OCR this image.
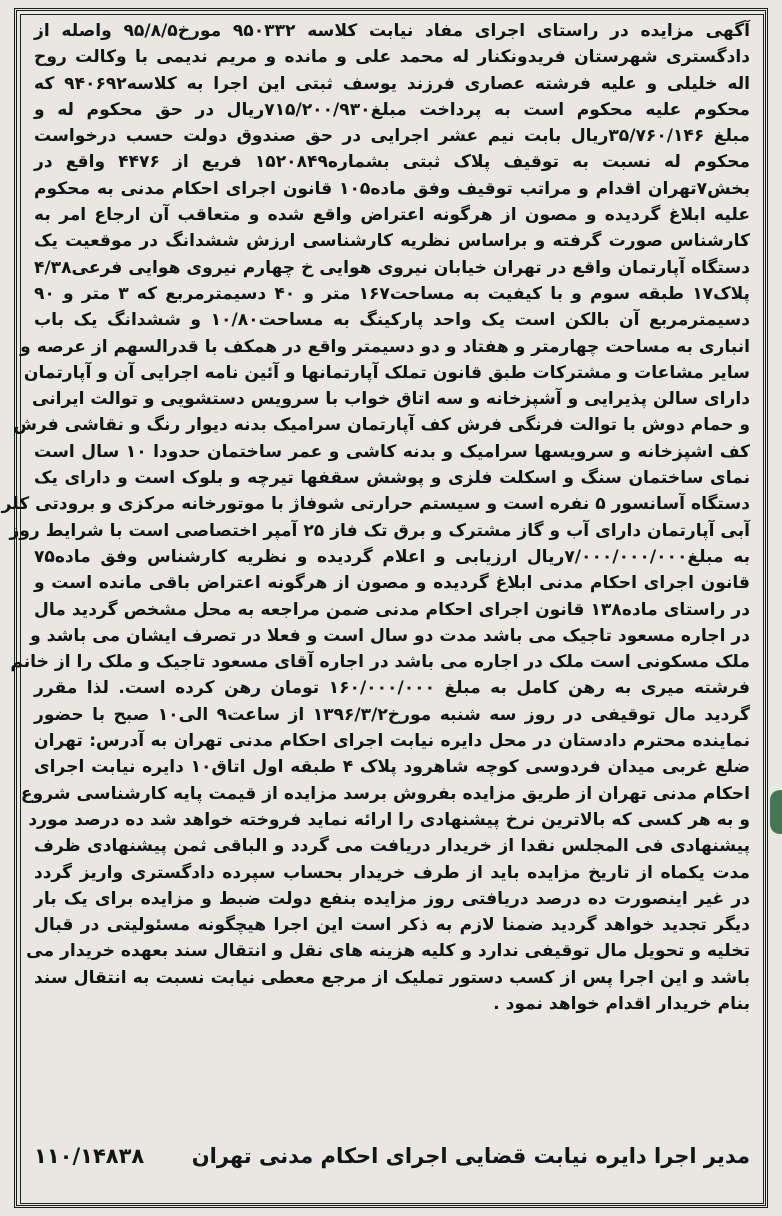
آگهی مزایده در راستای اجرای مفاد نیابت کلاسه ۹۵۰۳۳۲ مورخ۹۵/۸/۵ واصله از
دادگستری شهرستان فریدونکنار له محمد علی و مانده و مریم ندیمی با وکالت روح
اله خلیلی و علیه فرشته عصاری فرزند یوسف ثبتی این اجرا به کلاسه۹۴۰۶۹۲ که
محکوم علیه محکوم است به پرداخت مبلغ۷۱۵/۲۰۰/۹۳۰ریال در حق محکوم له و
مبلغ ۳۵/۷۶۰/۱۴۶ریال بابت نیم عشر اجرایی در حق صندوق دولت حسب درخواست
محکوم له نسبت به توقیف پلاک ثبتی بشماره۱۵۲۰۸۴۹ فریع از ۴۴۷۶ واقع در
بخش۷تهران اقدام و مراتب توقیف وفق ماده۱۰۵ قانون اجرای احکام مدنی به محکوم
علیه ابلاغ گردیده و مصون از هرگونه اعتراض واقع شده و متعاقب آن ارجاع امر به
کارشناس صورت گرفته و براساس نظریه کارشناسی ارزش ششدانگ در موقعیت یک
دستگاه آپارتمان واقع در تهران خیابان نیروی هوایی خ چهارم نیروی هوایی فرعی۴/۳۸
پلاک۱۷ طبقه سوم و با کیفیت به مساحت۱۶۷ متر و ۴۰ دسیمترمربع که ۳ متر و ۹۰
دسیمترمربع آن بالکن است یک واحد پارکینگ به مساحت۱۰/۸۰ و ششدانگ یک باب
انباری به مساحت چهارمتر و هفتاد و دو دسیمتر واقع در همکف با قدرالسهم از عرصه و
سایر مشاعات و مشترکات طبق قانون تملک آپارتمانها و آئین نامه اجرایی آن و آپارتمان
دارای سالن پذیرایی و آشپزخانه و سه اتاق خواب با سرویس دستشویی و توالت ایرانی
و حمام دوش با توالت فرنگی فرش کف آپارتمان سرامیک بدنه دیوار رنگ و نقاشی فرش
کف اشپزخانه و سرویسها سرامیک و بدنه کاشی و عمر ساختمان حدودا ۱۰ سال است
نمای ساختمان سنگ و اسکلت فلزی و پوشش سقفها تیرچه و بلوک است و دارای یک
دستگاه آسانسور ۵ نفره است و سیستم حرارتی شوفاژ با موتورخانه مرکزی و برودتی کلر
آبی آپارتمان دارای آب و گاز مشترک و برق تک فاز ۲۵ آمپر اختصاصی است با شرایط روز
به مبلغ۷/۰۰۰/۰۰۰/۰۰۰ریال ارزیابی و اعلام گردیده و نظریه کارشناس وفق ماده۷۵
قانون اجرای احکام مدنی ابلاغ گردیده و مصون از هرگونه اعتراض باقی مانده است و
در راستای ماده۱۳۸ قانون اجرای احکام مدنی ضمن مراجعه به محل مشخص گردید مال
در اجاره مسعود تاجیک می باشد مدت دو سال است و فعلا در تصرف ایشان می باشد و
ملک مسکونی است ملک در اجاره می باشد در اجاره آقای مسعود تاجیک و ملک را از خانم
فرشته میری به رهن کامل به مبلغ ۱۶۰/۰۰۰/۰۰۰ تومان رهن کرده است. لذا مقرر
گردید مال توقیفی در روز سه شنبه مورخ۱۳۹۶/۳/۲ از ساعت۹ الی۱۰ صبح با حضور
نماینده محترم دادستان در محل دایره نیابت اجرای احکام مدنی تهران به آدرس: تهران
ضلع غربی میدان فردوسی کوچه شاهرود پلاک ۴ طبقه اول اتاق۱۰ دایره نیابت اجرای
احکام مدنی تهران از طریق مزایده بفروش برسد مزایده از قیمت پایه کارشناسی شروع
و به هر کسی که بالاترین نرخ پیشنهادی را ارائه نماید فروخته خواهد شد ده درصد مورد
پیشنهادی فی المجلس نقدا از خریدار دریافت می گردد و الباقی ثمن پیشنهادی ظرف
مدت یکماه از تاریخ مزایده باید از طرف خریدار بحساب سپرده دادگستری واریز گردد
در غیر اینصورت ده درصد دریافتی روز مزایده بنفع دولت ضبط و مزایده برای یک بار
دیگر تجدید خواهد گردید ضمنا لازم به ذکر است این اجرا هیچگونه مسئولیتی در قبال
تخلیه و تحویل مال توقیفی ندارد و کلیه هزینه های نقل و انتقال سند بعهده خریدار می
باشد و این اجرا پس از کسب دستور تملیک از مرجع معطی نیابت نسبت به انتقال سند
بنام خریدار اقدام خواهد نمود .
مدیر اجرا دایره نیابت قضایی اجرای احکام مدنی تهران
۱۱۰/۱۴۸۳۸
